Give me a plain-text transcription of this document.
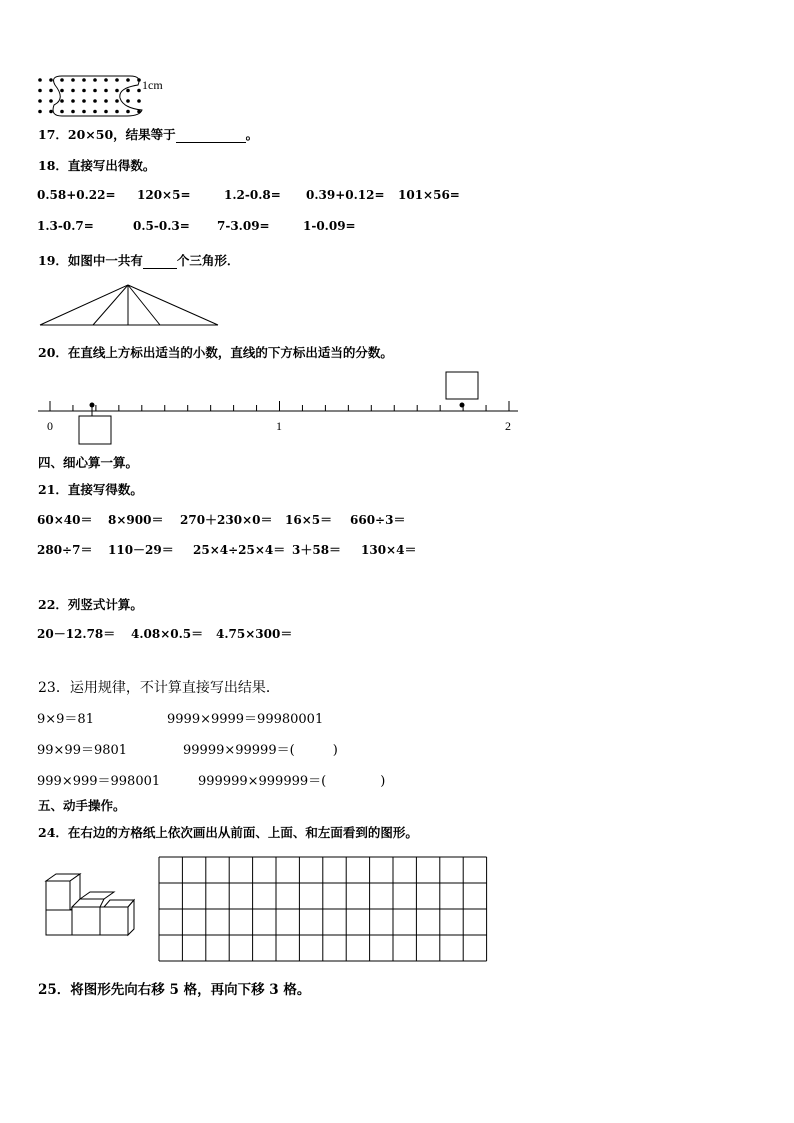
1cm
17．20×50，结果等于	。
18．直接写出得数。
0.58+0.22= 120×5=	1.2-0.8= 0.39+0.12= 101×56=
1.3-0.7=	0.5-0.3= 7-3.09=	1-0.09=
19．如图中一共有	个三角形．
20．在直线上方标出适当的小数，直线的下方标出适当的分数。
0	1	2
四、细心算一算。
21．直接写得数。
60×40＝ 8×900＝ 270＋230×0＝ 16×5＝ 660÷3＝
280÷7＝ 110－29＝ 25×4÷25×4＝ 3＋58＝ 130×4＝
22．列竖式计算。
20－12.78＝ 4.08×0.5＝ 4.75×300＝
23．运用规律，不计算直接写出结果．
9×9＝81
99×99＝9801
999×999＝998001
9999×9999＝99980001
99999×99999＝(	)
999999×999999＝(	)
五、动手操作。
24．在右边的方格纸上依次画出从前面、上面、和左面看到的图形。
25．将图形先向右移 5 格，再向下移 3 格。
